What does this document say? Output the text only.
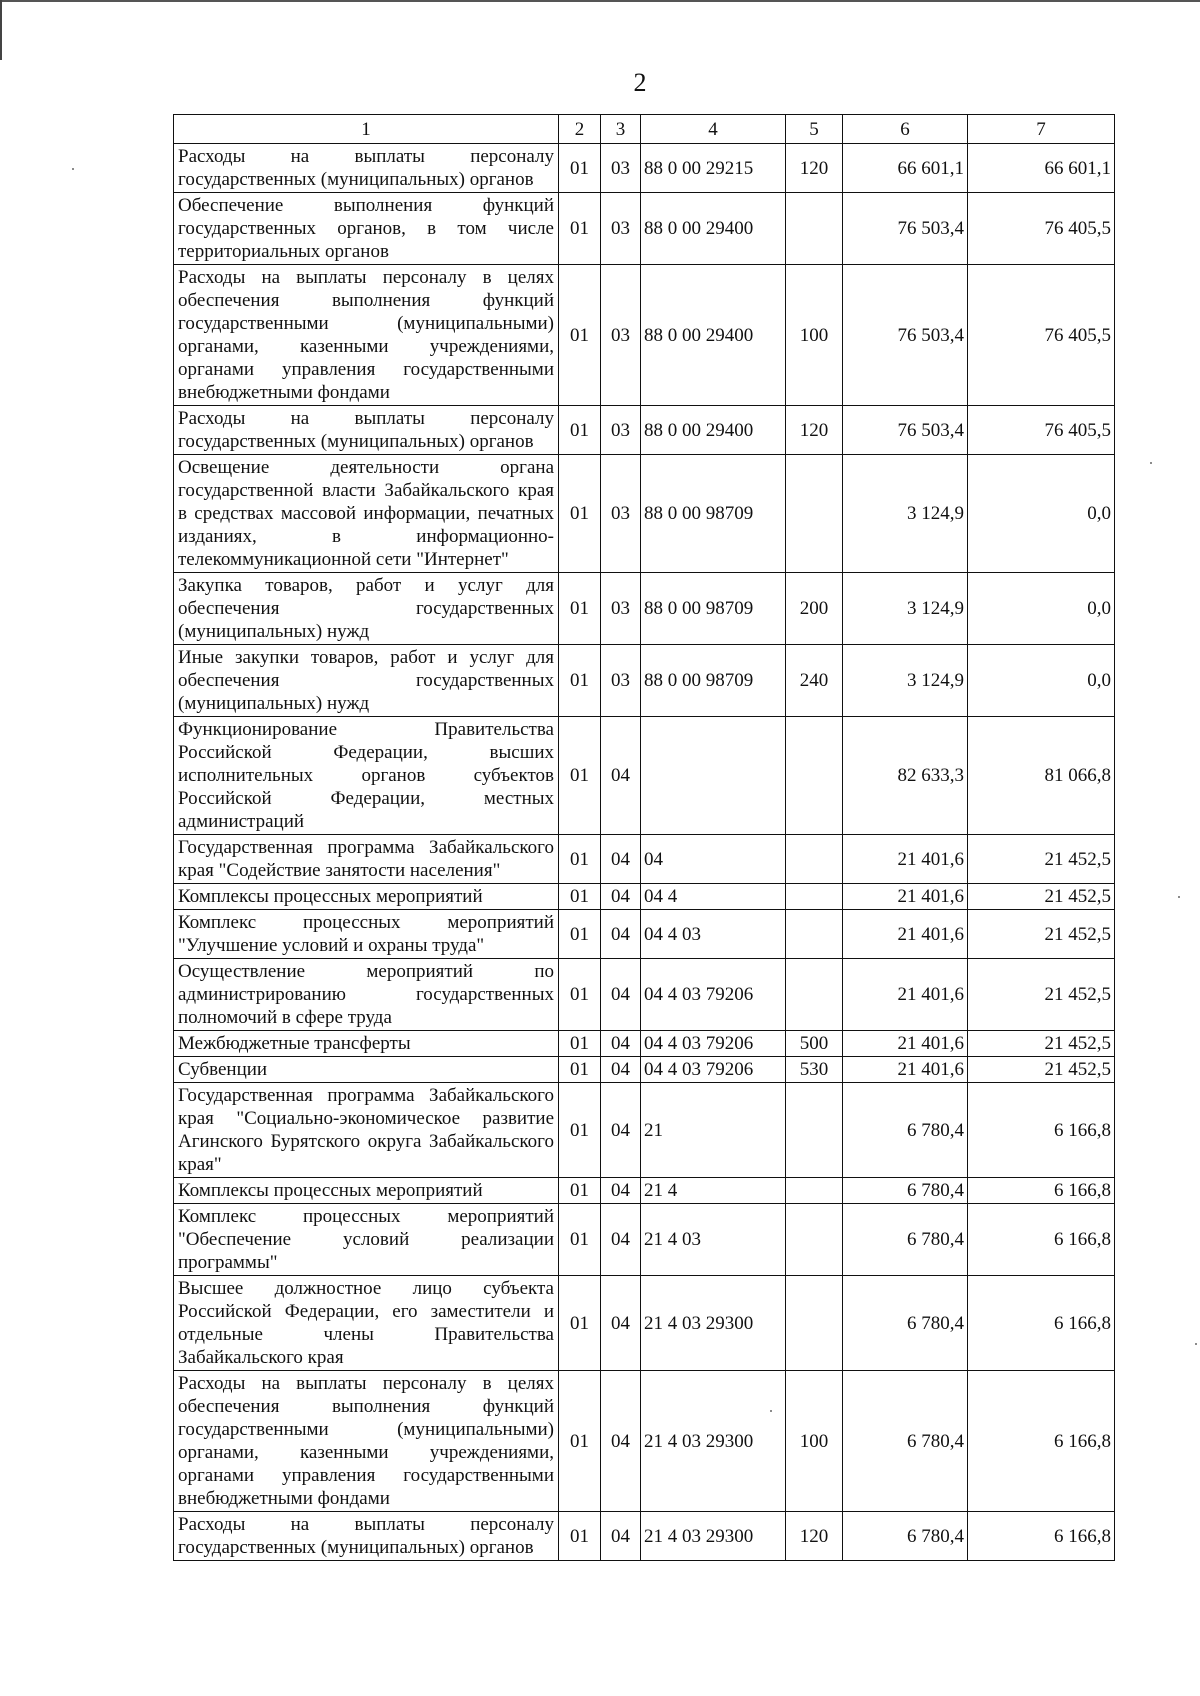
2
1	2	3	4	5	6	7
Расходы на выплаты персоналу государственных (муниципальных) органов	01	03	88 0 00 29215	120	66 601,1	66 601,1
Обеспечение выполнения функций государственных органов, в том числе территориальных органов	01	03	88 0 00 29400		76 503,4	76 405,5
Расходы на выплаты персоналу в целях обеспечения выполнения функций государственными (муниципальными) органами, казенными учреждениями, органами управления государственными внебюджетными фондами	01	03	88 0 00 29400	100	76 503,4	76 405,5
Расходы на выплаты персоналу государственных (муниципальных) органов	01	03	88 0 00 29400	120	76 503,4	76 405,5
Освещение деятельности органа государственной власти Забайкальского края в средствах массовой информации, печатных изданиях, в информационно-телекоммуникационной сети "Интернет"	01	03	88 0 00 98709		3 124,9	0,0
Закупка товаров, работ и услуг для обеспечения государственных (муниципальных) нужд	01	03	88 0 00 98709	200	3 124,9	0,0
Иные закупки товаров, работ и услуг для обеспечения государственных (муниципальных) нужд	01	03	88 0 00 98709	240	3 124,9	0,0
Функционирование Правительства Российской Федерации, высших исполнительных органов субъектов Российской Федерации, местных администраций	01	04			82 633,3	81 066,8
Государственная программа Забайкальского края "Содействие занятости населения"	01	04	04		21 401,6	21 452,5
Комплексы процессных мероприятий	01	04	04 4		21 401,6	21 452,5
Комплекс процессных мероприятий "Улучшение условий и охраны труда"	01	04	04 4 03		21 401,6	21 452,5
Осуществление мероприятий по администрированию государственных полномочий в сфере труда	01	04	04 4 03 79206		21 401,6	21 452,5
Межбюджетные трансферты	01	04	04 4 03 79206	500	21 401,6	21 452,5
Субвенции	01	04	04 4 03 79206	530	21 401,6	21 452,5
Государственная программа Забайкальского края "Социально-экономическое развитие Агинского Бурятского округа Забайкальского края"	01	04	21		6 780,4	6 166,8
Комплексы процессных мероприятий	01	04	21 4		6 780,4	6 166,8
Комплекс процессных мероприятий "Обеспечение условий реализации программы"	01	04	21 4 03		6 780,4	6 166,8
Высшее должностное лицо субъекта Российской Федерации, его заместители и отдельные члены Правительства Забайкальского края	01	04	21 4 03 29300		6 780,4	6 166,8
Расходы на выплаты персоналу в целях обеспечения выполнения функций государственными (муниципальными) органами, казенными учреждениями, органами управления государственными внебюджетными фондами	01	04	21 4 03 29300	100	6 780,4	6 166,8
Расходы на выплаты персоналу государственных (муниципальных) органов	01	04	21 4 03 29300	120	6 780,4	6 166,8
